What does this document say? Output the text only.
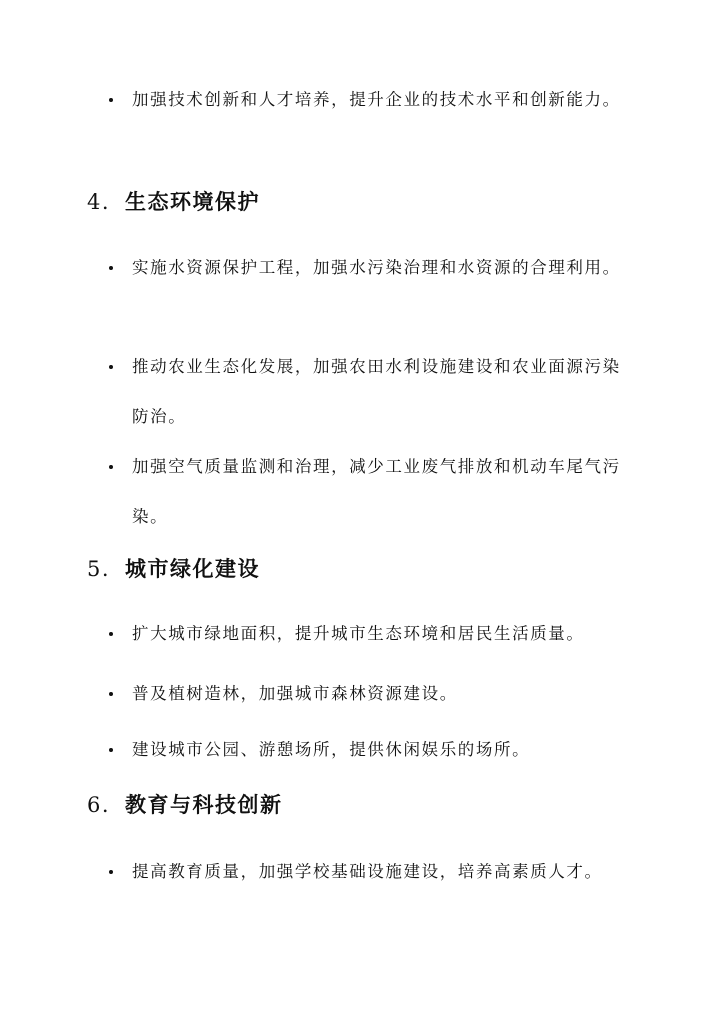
加强技术创新和人才培养，提升企业的技术水平和创新能力。
4. 生态环境保护
实施水资源保护工程，加强水污染治理和水资源的合理利用。
推动农业生态化发展，加强农田水利设施建设和农业面源污染防治。
加强空气质量监测和治理，减少工业废气排放和机动车尾气污染。
5. 城市绿化建设
扩大城市绿地面积，提升城市生态环境和居民生活质量。
普及植树造林，加强城市森林资源建设。
建设城市公园、游憩场所，提供休闲娱乐的场所。
6. 教育与科技创新
提高教育质量，加强学校基础设施建设，培养高素质人才。
